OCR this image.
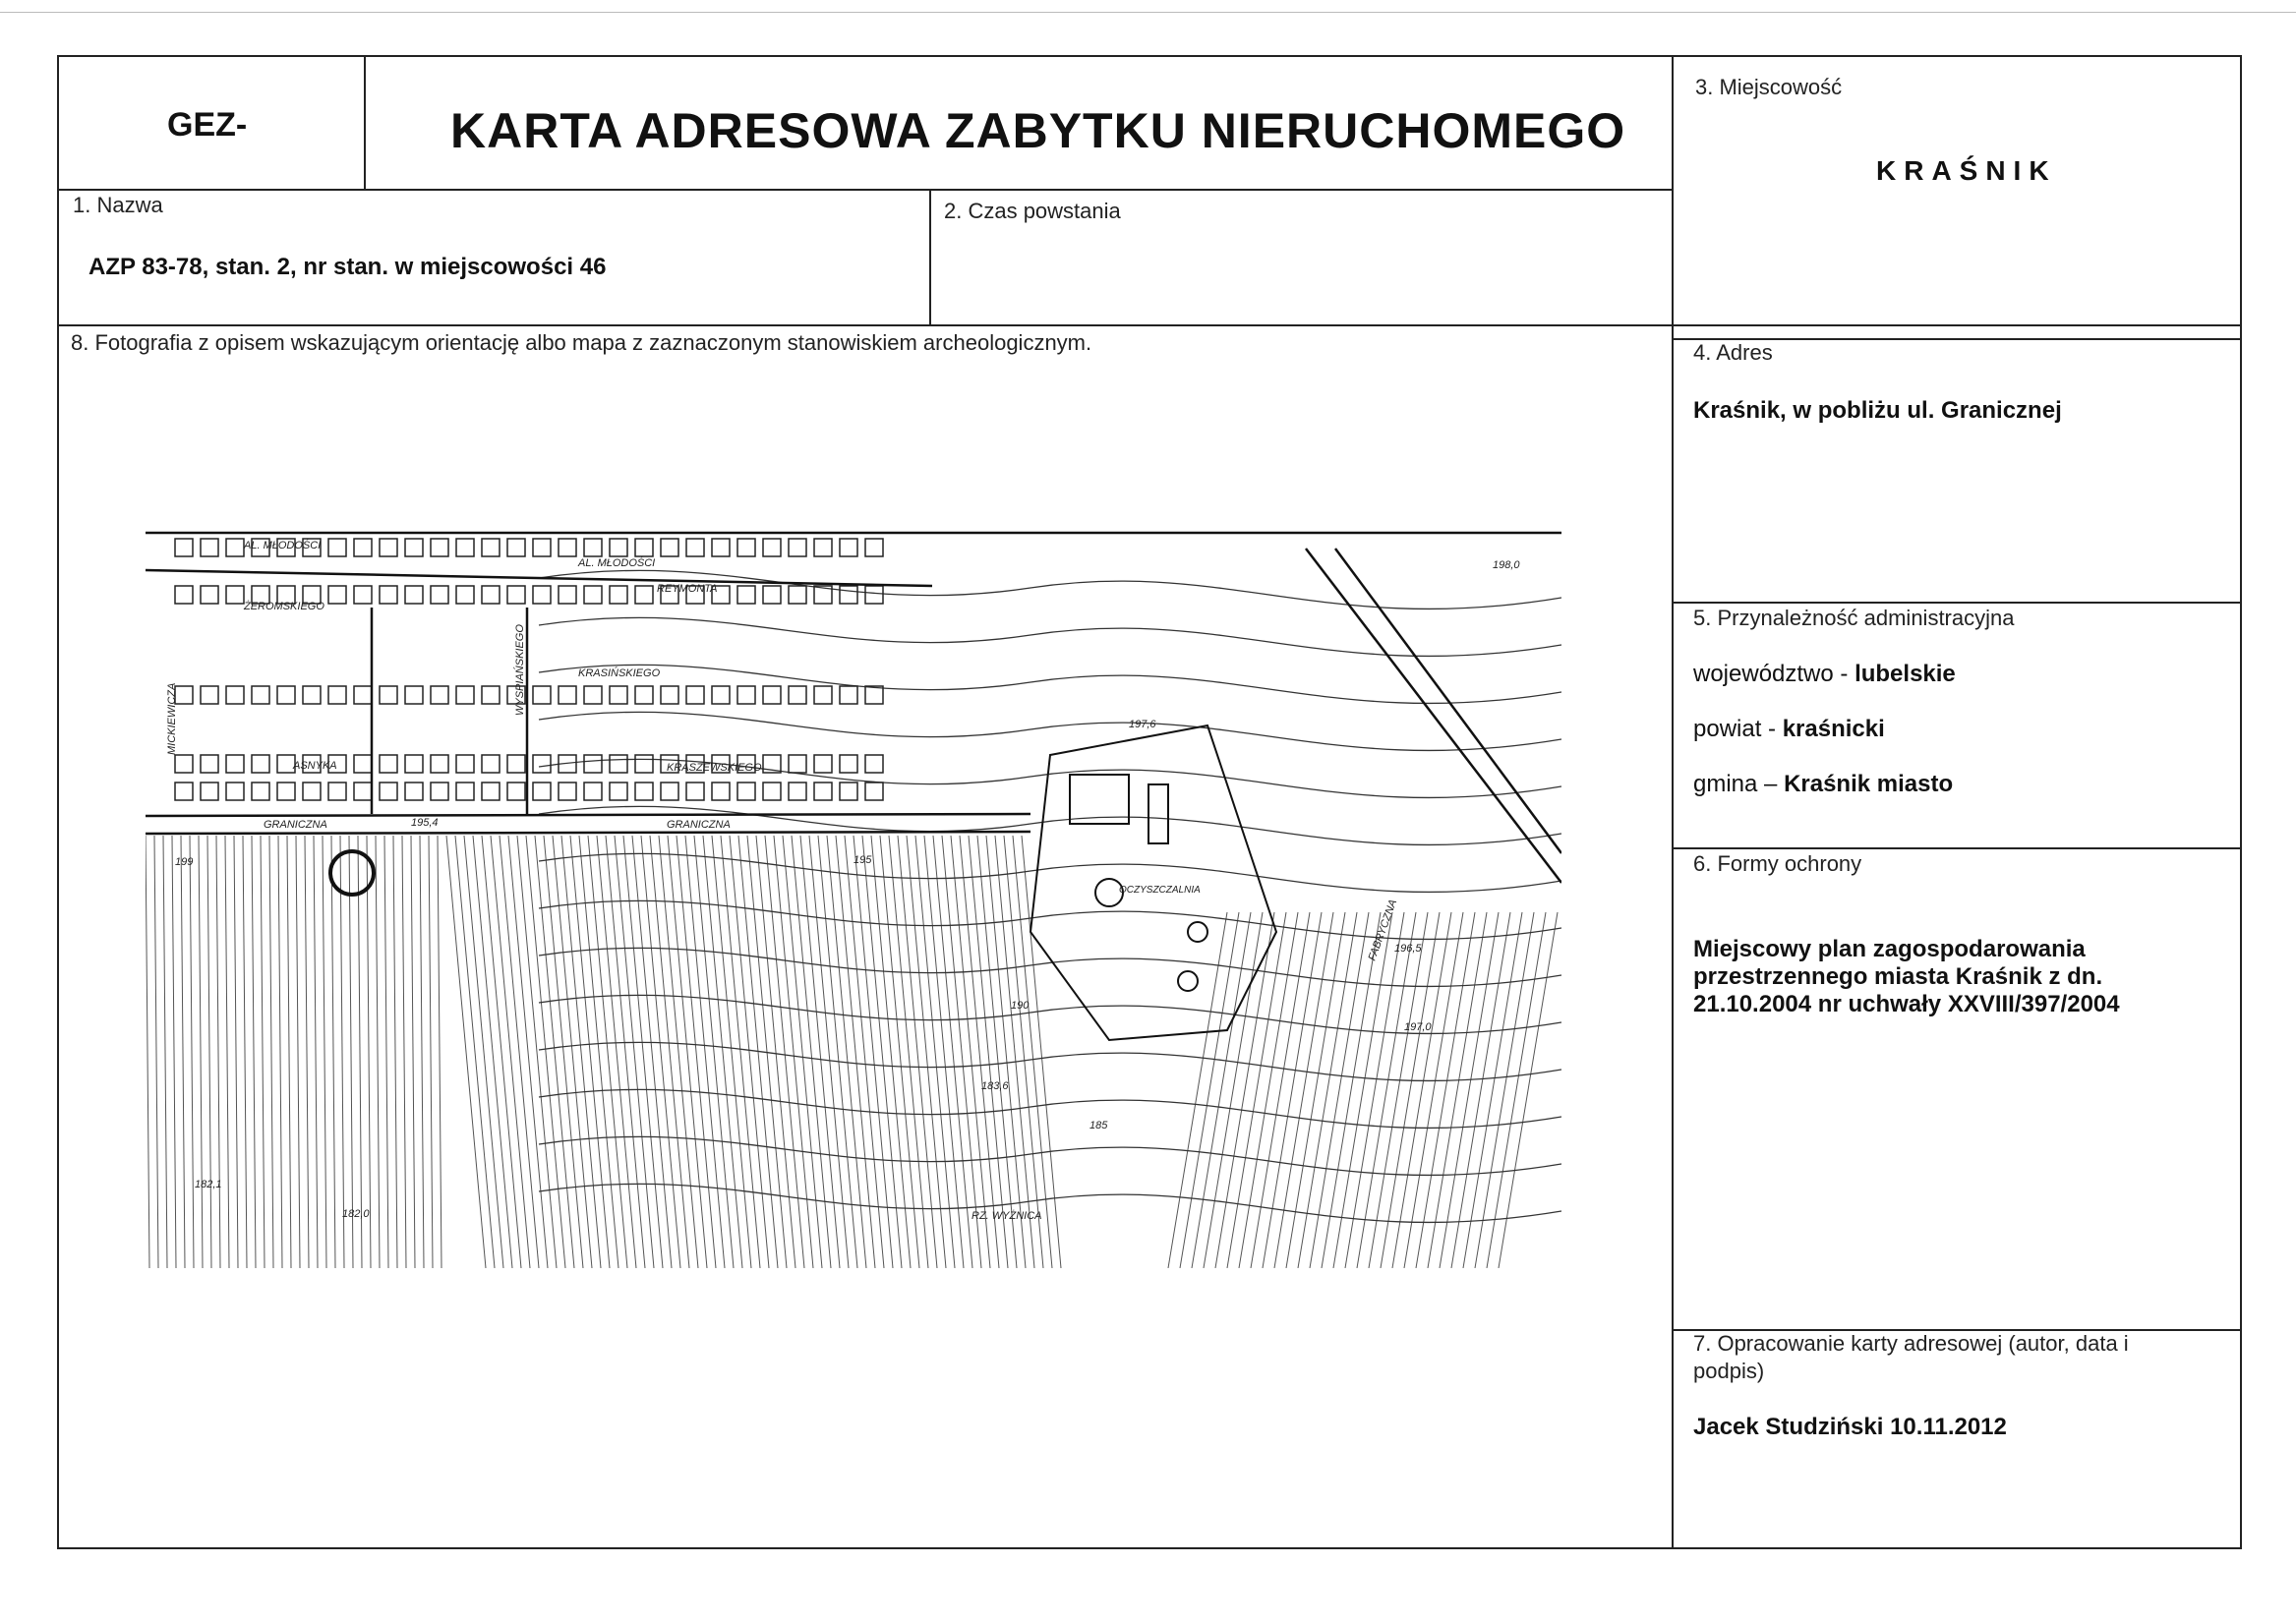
GEZ-	KARTA ADRESOWA ZABYTKU NIERUCHOMEGO
3. Miejscowość
KRAŚNIK
1. Nazwa
AZP 83-78, stan. 2, nr stan. w miejscowości 46
2. Czas powstania
8. Fotografia z opisem wskazującym orientację albo mapa z zaznaczonym stanowiskiem archeologicznym.	4. Adres
Kraśnik, w pobliżu ul. Granicznej
5. Przynależność administracyjna
województwo - lubelskie
powiat - kraśnicki
gmina – Kraśnik miasto
6. Formy ochrony
Miejscowy plan zagospodarowania
przestrzennego miasta Kraśnik z dn.
21.10.2004 nr uchwały XXVIII/397/2004
7. Opracowanie karty adresowej (autor, data i
podpis)
Jacek Studziński 10.11.2012
AL. MŁODOŚCI
AL. MŁODOŚCI
ŻEROMSKIEGO
REYMONTA
KRASIŃSKIEGO
WYSPIAŃSKIEGO
ASNYKA	KRASZEWSKIEGO
GRANICZNA	GRANICZNA
OCZYSZCZALNIA
FABRYCZNA
RZ. WYŻNICA
MICKIEWICZA
195
197,6
199
196,5
198,0
185
183,6
182,0
182,1
195,4
197,0
190
